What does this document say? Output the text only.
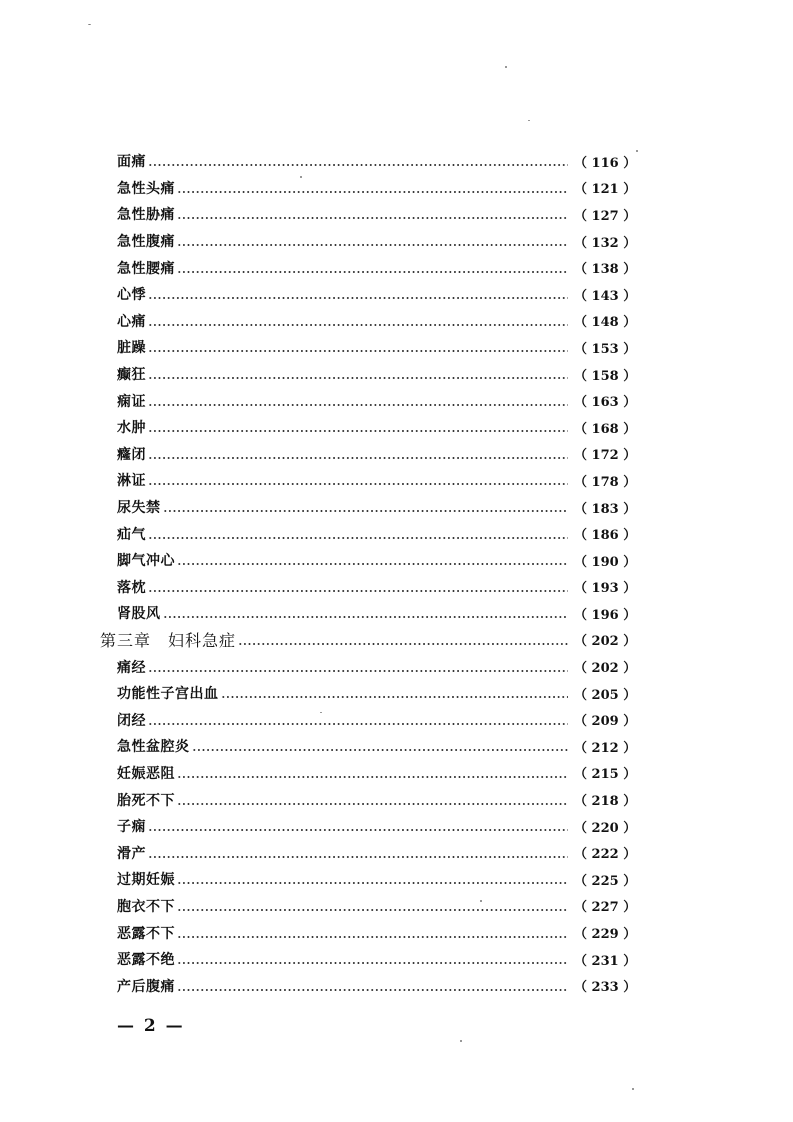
面痛	（ 116 ）
急性头痛	（ 121 ）
急性胁痛	（ 127 ）
急性腹痛	（ 132 ）
急性腰痛	（ 138 ）
心悸	（ 143 ）
心痛	（ 148 ）
脏躁	（ 153 ）
癫狂	（ 158 ）
痫证	（ 163 ）
水肿	（ 168 ）
癃闭	（ 172 ）
淋证	（ 178 ）
尿失禁	（ 183 ）
疝气	（ 186 ）
脚气冲心	（ 190 ）
落枕	（ 193 ）
肾股风	（ 196 ）
第三章　妇科急症	（ 202 ）
痛经	（ 202 ）
功能性子宫出血	（ 205 ）
闭经	（ 209 ）
急性盆腔炎	（ 212 ）
妊娠恶阻	（ 215 ）
胎死不下	（ 218 ）
子痫	（ 220 ）
滑产	（ 222 ）
过期妊娠	（ 225 ）
胞衣不下	（ 227 ）
恶露不下	（ 229 ）
恶露不绝	（ 231 ）
产后腹痛	（ 233 ）
— 2 —
